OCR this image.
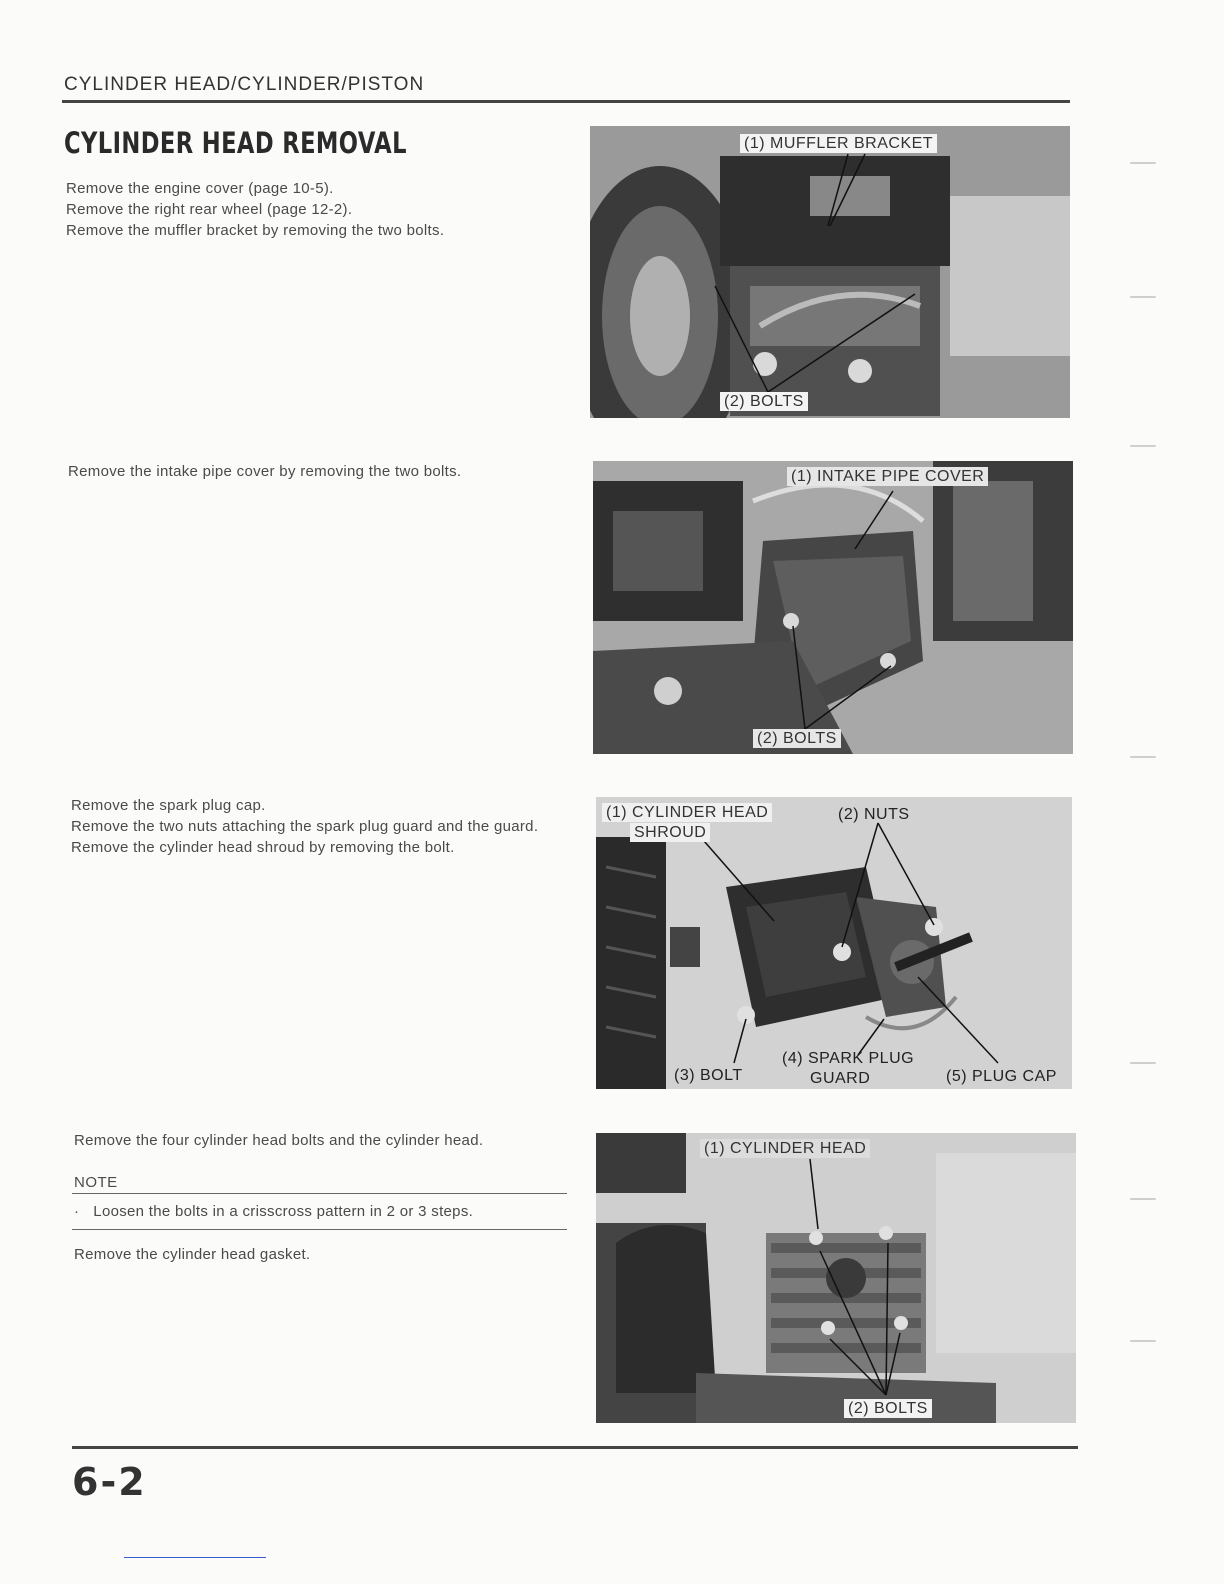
CYLINDER HEAD/CYLINDER/PISTON
CYLINDER HEAD REMOVAL

Remove the engine cover (page 10-5).

Remove the right rear wheel (page 12-2).

Remove the muffler bracket by removing the two bolts.

(1) MUFFLER BRACKET
(2) BOLTS

Remove the intake pipe cover by removing the two bolts.	(1) INTAKE PIPE COVER
(2) BOLTS

Remove the spark plug cap.

Remove the two nuts attaching the spark plug guard and the guard.

Remove the cylinder head shroud by removing the bolt.

(1) CYLINDER HEAD
SHROUD
(2) NUTS
(3) BOLT
(4) SPARK PLUG
GUARD	(5) PLUG CAP

Remove the four cylinder head bolts and the cylinder head.

NOTE
· Loosen the bolts in a crisscross pattern in 2 or 3 steps.

Remove the cylinder head gasket.

(1) CYLINDER HEAD
(2) BOLTS
6-2
